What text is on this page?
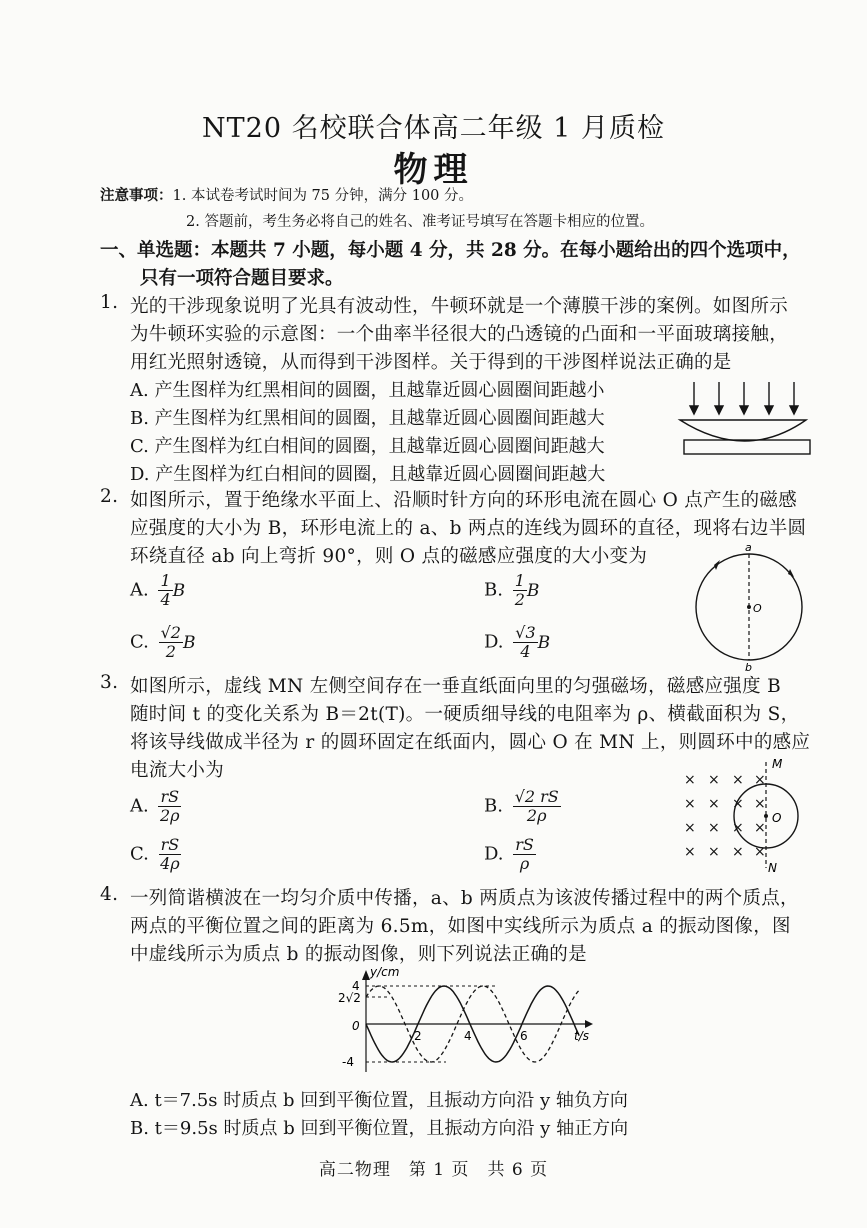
NT20 名校联合体高二年级 1 月质检
物理
注意事项：1. 本试卷考试时间为 75 分钟，满分 100 分。
2. 答题前，考生务必将自己的姓名、准考证号填写在答题卡相应的位置。
一、单选题：本题共 7 小题，每小题 4 分，共 28 分。在每小题给出的四个选项中，
只有一项符合题目要求。
1. 光的干涉现象说明了光具有波动性，牛顿环就是一个薄膜干涉的案例。如图所示
为牛顿环实验的示意图：一个曲率半径很大的凸透镜的凸面和一平面玻璃接触，
用红光照射透镜，从而得到干涉图样。关于得到的干涉图样说法正确的是
A. 产生图样为红黑相间的圆圈，且越靠近圆心圆圈间距越小
B. 产生图样为红黑相间的圆圈，且越靠近圆心圆圈间距越大
C. 产生图样为红白相间的圆圈，且越靠近圆心圆圈间距越大
D. 产生图样为红白相间的圆圈，且越靠近圆心圆圈间距越大
2. 如图所示，置于绝缘水平面上、沿顺时针方向的环形电流在圆心 O 点产生的磁感
应强度的大小为 B，环形电流上的 a、b 两点的连线为圆环的直径，现将右边半圆
环绕直径 ab 向上弯折 90°，则 O 点的磁感应强度的大小变为
A. $\frac{1}{4}$ B	B. $\frac{1}{2}$ B
C. $\frac{√2}{2}$ B	D. $\frac{√3}{4}$ B
a
b
O
3. 如图所示，虚线 MN 左侧空间存在一垂直纸面向里的匀强磁场，磁感应强度 B
随时间 t 的变化关系为 B＝2t(T)。一硬质细导线的电阻率为 ρ、横截面积为 S，
将该导线做成半径为 r 的圆环固定在纸面内，圆心 O 在 MN 上，则圆环中的感应
电流大小为
A. $\frac{rS}{2\rho}$	B. $\frac{√2 rS}{2\rho}$
C. $\frac{rS}{4\rho}$	D. $\frac{rS}{\rho}$
× × × ×
× × × ×
× × × ×
× × × ×
M
O
N
4. 一列简谐横波在一均匀介质中传播，a、b 两质点为该波传播过程中的两个质点，
两点的平衡位置之间的距离为 6.5m，如图中实线所示为质点 a 的振动图像，图
中虚线所示为质点 b 的振动图像，则下列说法正确的是
y/cm
t/s
0
4
2√2
-4
2	4	6
A. t＝7.5s 时质点 b 回到平衡位置，且振动方向沿 y 轴负方向
B. t＝9.5s 时质点 b 回到平衡位置，且振动方向沿 y 轴正方向
高二物理　第 1 页　共 6 页
